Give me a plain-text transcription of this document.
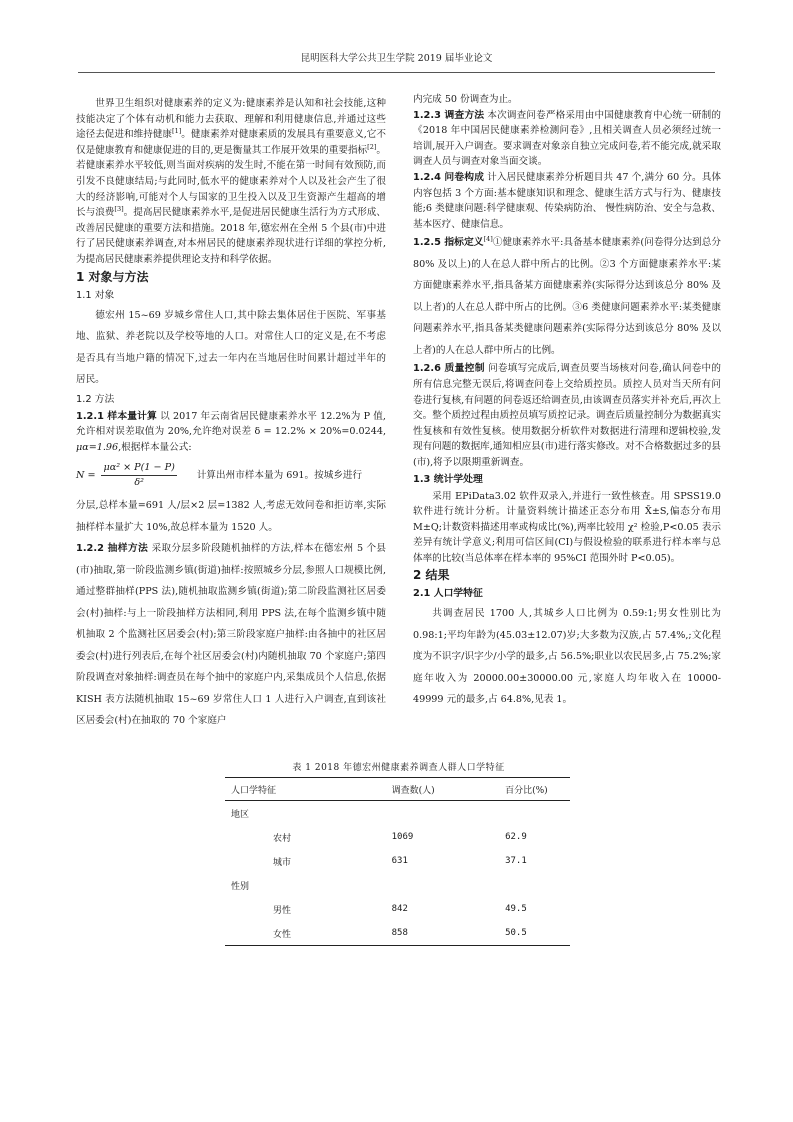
昆明医科大学公共卫生学院 2019 届毕业论文

世界卫生组织对健康素养的定义为:健康素养是认知和社会技能,这种技能决定了个体有动机和能力去获取、理解和利用健康信息,并通过这些途径去促进和维持健康[1]。健康素养对健康素质的发展具有重要意义,它不仅是健康教育和健康促进的目的,更是衡量其工作展开效果的重要指标[2]。若健康素养水平较低,则当面对疾病的发生时,不能在第一时间有效预防,而引发不良健康结局;与此同时,低水平的健康素养对个人以及社会产生了很大的经济影响,可能对个人与国家的卫生投入以及卫生资源产生超高的增长与浪费[3]。提高居民健康素养水平,是促进居民健康生活行为方式形成、改善居民健康的重要方法和措施。2018 年,德宏州在全州 5 个县(市)中进行了居民健康素养调查,对本州居民的健康素养现状进行详细的掌控分析,为提高居民健康素养提供理论支持和科学依据。

1 对象与方法
1.1 对象

德宏州 15~69 岁城乡常住人口,其中除去集体居住于医院、军事基地、监狱、养老院以及学校等地的人口。对常住人口的定义是,在不考虑是否具有当地户籍的情况下,过去一年内在当地居住时间累计超过半年的居民。

1.2 方法

1.2.1 样本量计算 以 2017 年云南省居民健康素养水平 12.2%为 P 值,允许相对误差取值为 20%,允许绝对误差 δ = 12.2% × 20%=0.0244, μα=1.96,根据样本量公式:

$N = \frac{\text{μα² × P(1 − P)}}{\text{δ²}}$ 计算出州市样本量为 691。按城乡进行

分层,总样本量=691 人/层×2 层=1382 人,考虑无效问卷和拒访率,实际抽样样本量扩大 10%,故总样本量为 1520 人。

1.2.2 抽样方法 采取分层多阶段随机抽样的方法,样本在德宏州 5 个县(市)抽取,第一阶段监测乡镇(街道)抽样:按照城乡分层,参照人口规模比例,通过整群抽样(PPS 法),随机抽取监测乡镇(街道);第二阶段监测社区居委会(村)抽样:与上一阶段抽样方法相同,利用 PPS 法,在每个监测乡镇中随机抽取 2 个监测社区居委会(村);第三阶段家庭户抽样:由各抽中的社区居委会(村)进行列表后,在每个社区居委会(村)内随机抽取 70 个家庭户;第四阶段调查对象抽样:调查员在每个抽中的家庭户内,采集成员个人信息,依据 KISH 表方法随机抽取 15~69 岁常住人口 1 人进行入户调查,直到该社区居委会(村)在抽取的 70 个家庭户

内完成 50 份调查为止。

1.2.3 调查方法 本次调查问卷严格采用由中国健康教育中心统一研制的《2018 年中国居民健康素养检测问卷》,且相关调查人员必须经过统一培训,展开入户调查。要求调查对象亲自独立完成问卷,若不能完成,就采取调查人员与调查对象当面交谈。

1.2.4 问卷构成 计入居民健康素养分析题目共 47 个,满分 60 分。具体内容包括 3 个方面:基本健康知识和理念、健康生活方式与行为、健康技能;6 类健康问题:科学健康观、传染病防治、 慢性病防治、安全与急救、基本医疗、健康信息。

1.2.5 指标定义[4]①健康素养水平:具备基本健康素养(问卷得分达到总分 80% 及以上)的人在总人群中所占的比例。②3 个方面健康素养水平:某方面健康素养水平,指具备某方面健康素养(实际得分达到该总分 80% 及以上者)的人在总人群中所占的比例。③6 类健康问题素养水平:某类健康问题素养水平,指具备某类健康问题素养(实际得分达到该总分 80% 及以上者)的人在总人群中所占的比例。

1.2.6 质量控制 问卷填写完成后,调查员要当场核对问卷,确认问卷中的所有信息完整无误后,将调查问卷上交给质控员。质控人员对当天所有问卷进行复核,有问题的问卷返还给调查员,由该调查员落实并补充后,再次上交。整个质控过程由质控员填写质控记录。调查后质量控制分为数据真实性复核和有效性复核。使用数据分析软件对数据进行清理和逻辑校验,发现有问题的数据库,通知相应县(市)进行落实修改。对不合格数据过多的县(市),将予以限期重新调查。

1.3 统计学处理

采用 EPiData3.02 软件双录入,并进行一致性核查。用 SPSS19.0 软件进行统计分析。计量资料统计描述正态分布用 X̄±S,偏态分布用 M±Q;计数资料描述用率或构成比(%),两率比较用 χ² 检验,P<0.05 表示差异有统计学意义;利用可信区间(CI)与假设检验的联系进行样本率与总体率的比较(当总体率在样本率的 95%CI 范围外时 P<0.05)。

2 结果
2.1 人口学特征

共调查居民 1700 人,其城乡人口比例为 0.59:1;男女性别比为 0.98:1;平均年龄为(45.03±12.07)岁;大多数为汉族,占 57.4%,;文化程度为不识字/识字少/小学的最多,占 56.5%;职业以农民居多,占 75.2%;家庭年收入为 20000.00±30000.00 元,家庭人均年收入在 10000-49999 元的最多,占 64.8%,见表 1。

表 1 2018 年德宏州健康素养调查人群人口学特征
人口学特征	调查数(人)	百分比(%)
地区		
农村	1069	62.9
城市	631	37.1
性别		
男性	842	49.5
女性	858	50.5
